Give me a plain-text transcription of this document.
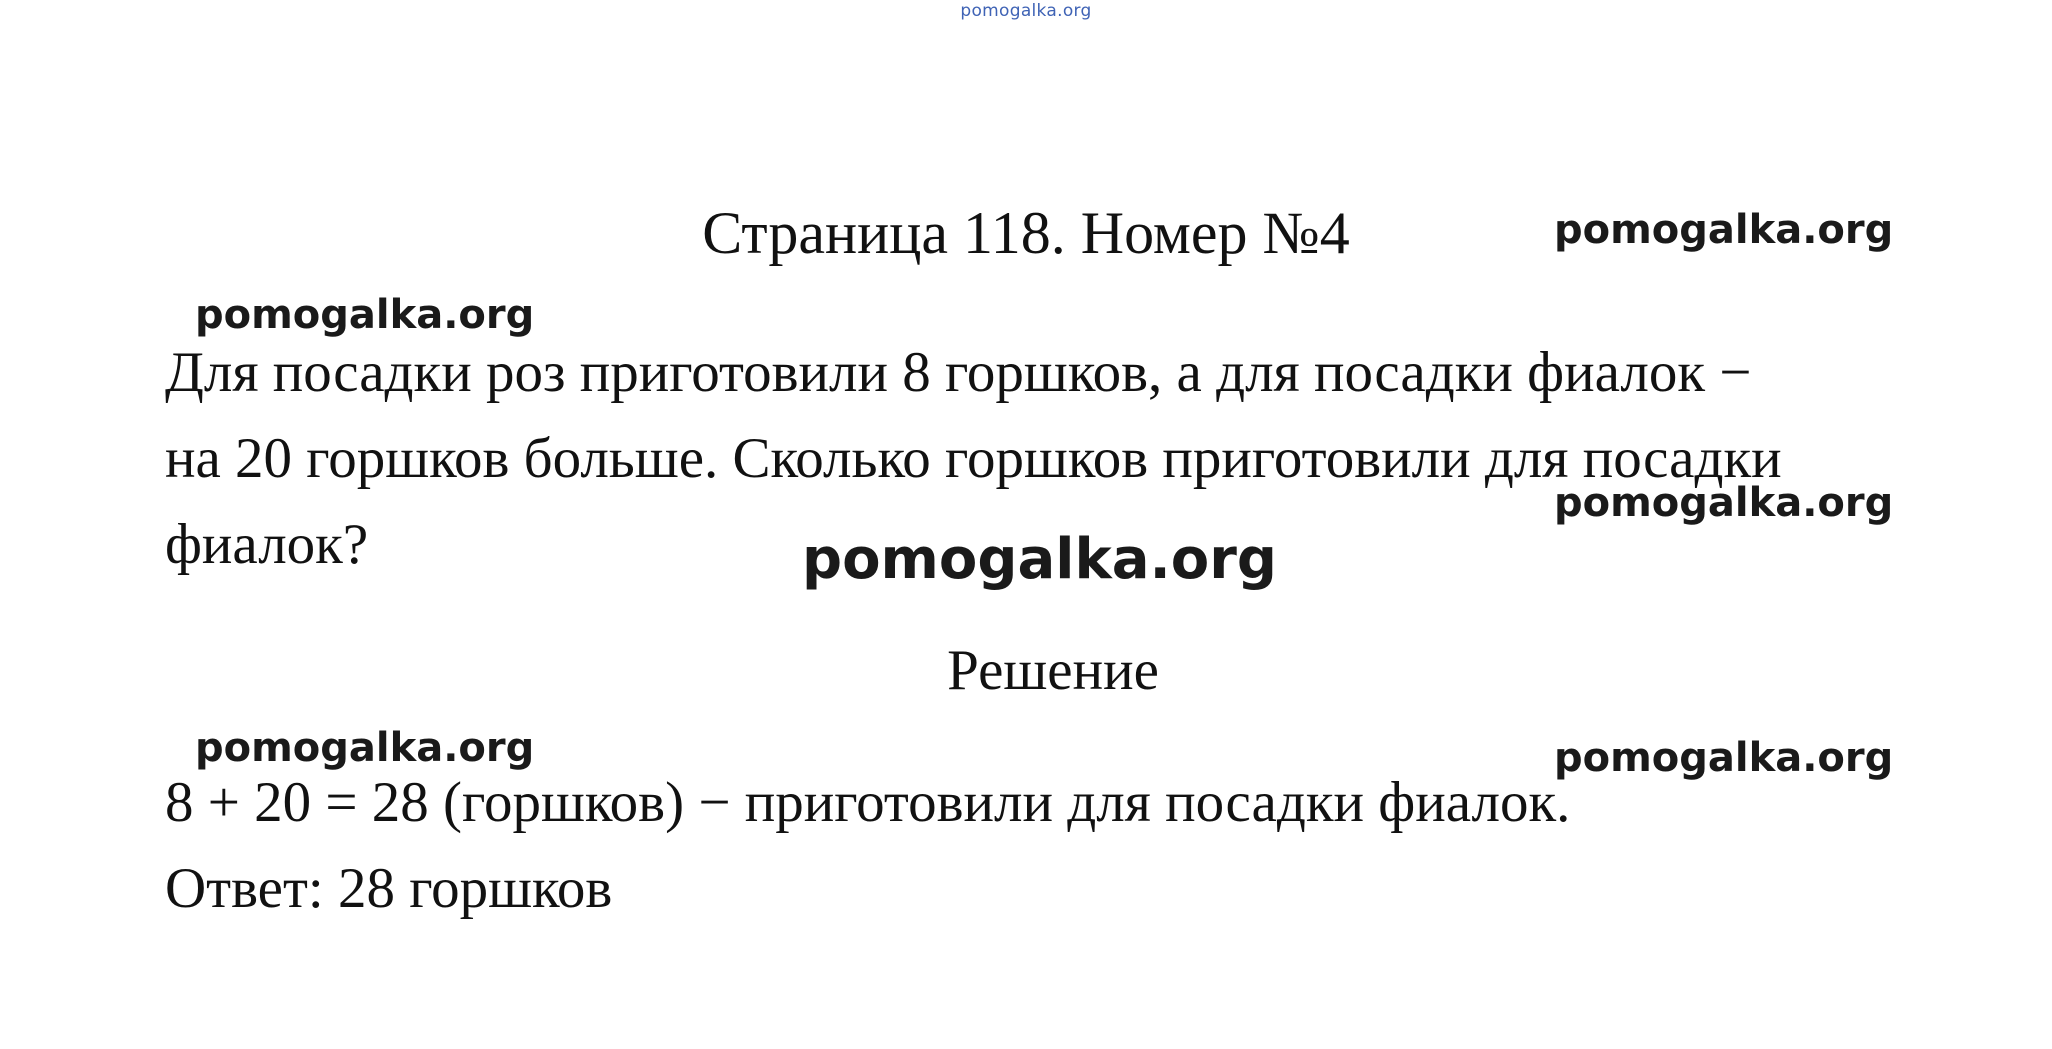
pomogalka.org
Страница 118. Номер №4
Для посадки роз приготовили 8 горшков, а для посадки фиалок −
на 20 горшков больше. Сколько горшков приготовили для посадки
фиалок?
Решение
8 + 20 = 28 (горшков) − приготовили для посадки фиалок.
Ответ: 28 горшков
pomogalka.org
pomogalka.org
pomogalka.org
pomogalka.org
pomogalka.org	pomogalka.org
